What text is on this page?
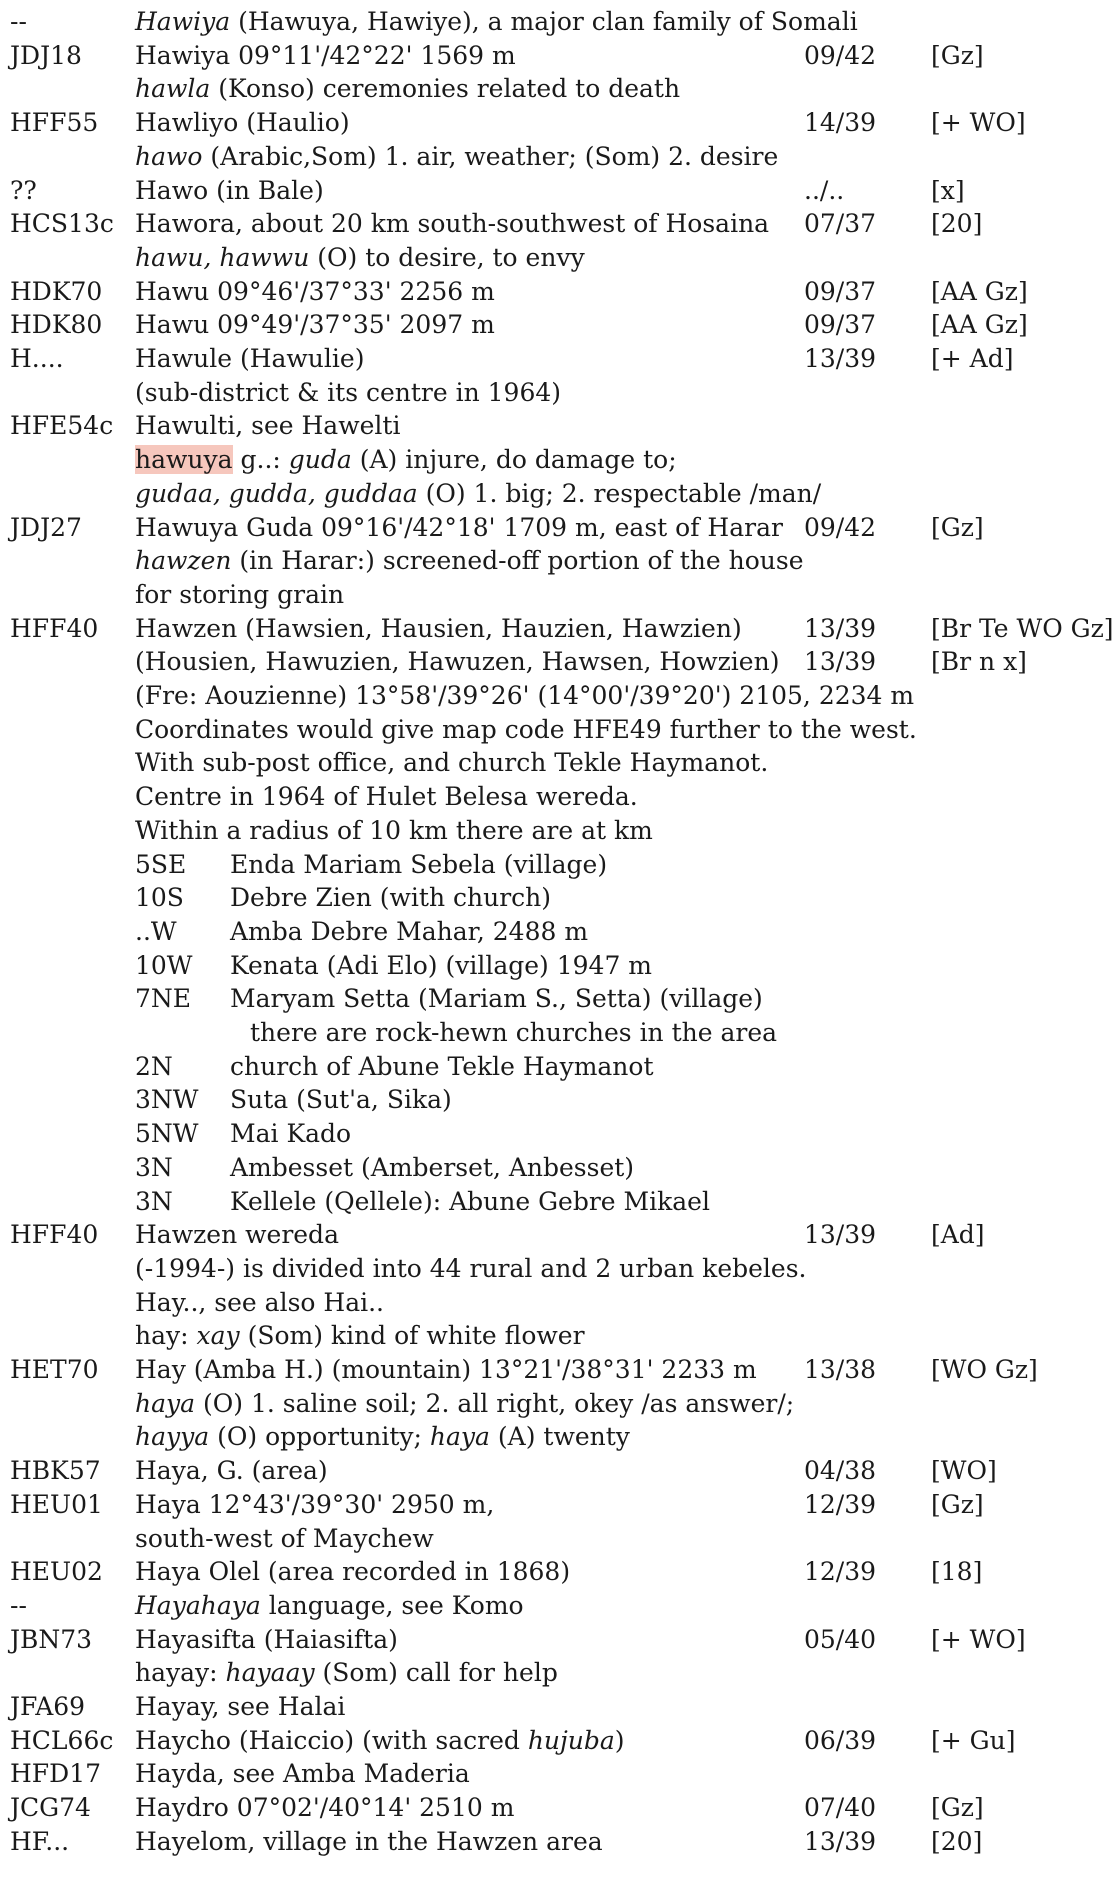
--	Hawiya (Hawuya, Hawiye), a major clan family of Somali
JDJ18 Hawiya 09°11'/42°22' 1569 m	09/42 [Gz]
hawla (Konso) ceremonies related to death
HFF55 Hawliyo (Haulio)	14/39 [+ WO]
hawo (Arabic,Som) 1. air, weather; (Som) 2. desire
??	Hawo (in Bale)	../..	[x]
HCS13c Hawora, about 20 km south-southwest of Hosaina 07/37 [20]
hawu, hawwu (O) to desire, to envy
HDK70 Hawu 09°46'/37°33' 2256 m	09/37 [AA Gz]
HDK80 Hawu 09°49'/37°35' 2097 m	09/37 [AA Gz]
H....	Hawule (Hawulie)	13/39 [+ Ad]
(sub-district & its centre in 1964)
HFE54c Hawulti, see Hawelti
hawuya g..: guda (A) injure, do damage to;
gudaa, gudda, guddaa (O) 1. big; 2. respectable /man/
JDJ27 Hawuya Guda 09°16'/42°18' 1709 m, east of Harar 09/42 [Gz]
hawzen (in Harar:) screened-off portion of the house
for storing grain
HFF40 Hawzen (Hawsien, Hausien, Hauzien, Hawzien) 13/39 [Br Te WO Gz]
(Housien, Hawuzien, Hawuzen, Hawsen, Howzien) 13/39 [Br n x]
(Fre: Aouzienne) 13°58'/39°26' (14°00'/39°20') 2105, 2234 m
Coordinates would give map code HFE49 further to the west.
With sub-post office, and church Tekle Haymanot.
Centre in 1964 of Hulet Belesa wereda.
Within a radius of 10 km there are at km
5SE Enda Mariam Sebela (village)
10S Debre Zien (with church)
..W Amba Debre Mahar, 2488 m
10W Kenata (Adi Elo) (village) 1947 m
7NE Maryam Setta (Mariam S., Setta) (village)
there are rock-hewn churches in the area
2N church of Abune Tekle Haymanot
3NW Suta (Sut'a, Sika)
5NW Mai Kado
3N Ambesset (Amberset, Anbesset)
3N Kellele (Qellele): Abune Gebre Mikael
HFF40 Hawzen wereda	13/39 [Ad]
(-1994-) is divided into 44 rural and 2 urban kebeles.
Hay.., see also Hai..
hay: xay (Som) kind of white flower
HET70 Hay (Amba H.) (mountain) 13°21'/38°31' 2233 m 13/38 [WO Gz]
haya (O) 1. saline soil; 2. all right, okey /as answer/;
hayya (O) opportunity; haya (A) twenty
HBK57 Haya, G. (area)	04/38 [WO]
HEU01 Haya 12°43'/39°30' 2950 m,	12/39 [Gz]
south-west of Maychew
HEU02 Haya Olel (area recorded in 1868)	12/39 [18]
--	Hayahaya language, see Komo
JBN73 Hayasifta (Haiasifta)	05/40 [+ WO]
hayay: hayaay (Som) call for help
JFA69 Hayay, see Halai
HCL66c Haycho (Haiccio) (with sacred hujuba)	06/39 [+ Gu]
HFD17 Hayda, see Amba Maderia
JCG74 Haydro 07°02'/40°14' 2510 m	07/40 [Gz]
HF...	Hayelom, village in the Hawzen area	13/39 [20]
